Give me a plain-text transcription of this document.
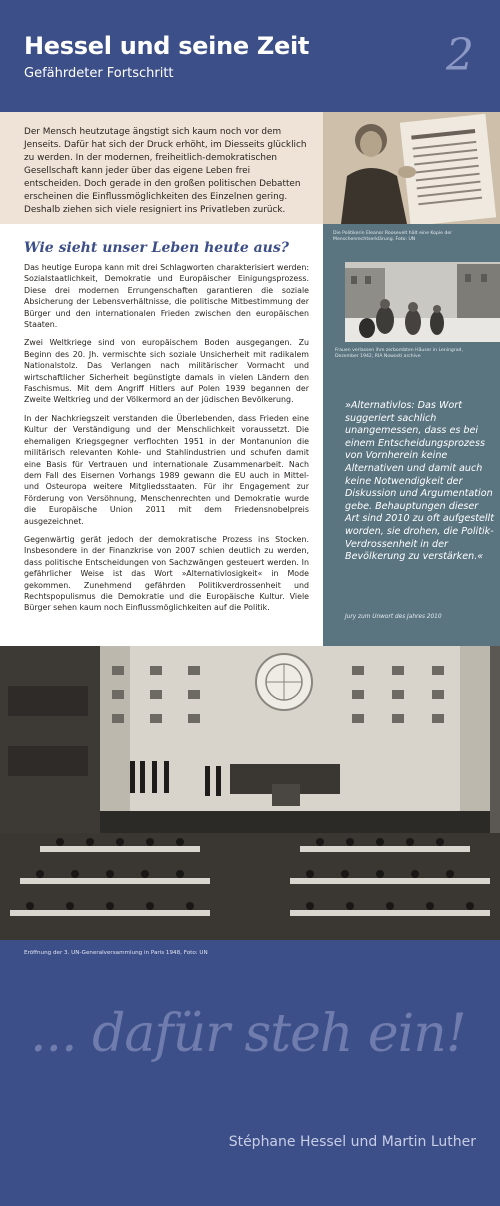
Hessel und seine Zeit
Gefährdeter Fortschritt	2
Der Mensch heutzutage ängstigt sich kaum noch vor dem Jenseits. Dafür hat sich der Druck erhöht, im Diesseits glücklich zu werden. In der modernen, freiheitlich-demokratischen Gesellschaft kann jeder über das eigene Leben frei entscheiden. Doch gerade in den großen politischen Debatten erscheinen die Einflussmöglichkeiten des Einzelnen gering. Deshalb ziehen sich viele resigniert ins Privatleben zurück.
Wie sieht unser Leben heute aus?

Das heutige Europa kann mit drei Schlagworten charakterisiert werden: Sozialstaatlichkeit, Demokratie und Europäischer Einigungsprozess. Diese drei modernen Errungenschaften garantieren die soziale Absicherung der Lebensverhältnisse, die politische Mitbestimmung der Bürger und den internationalen Frieden zwischen den europäischen Staaten.

Zwei Weltkriege sind von europäischem Boden ausgegangen. Zu Beginn des 20. Jh. vermischte sich soziale Unsicherheit mit radikalem Nationalstolz. Das Verlangen nach militärischer Vormacht und wirtschaftlicher Sicherheit begünstigte damals in vielen Ländern den Faschismus. Mit dem Angriff Hitlers auf Polen 1939 begannen der Zweite Weltkrieg und der Völkermord an der jüdischen Bevölkerung.

In der Nachkriegszeit verstanden die Überlebenden, dass Frieden eine Kultur der Verständigung und der Menschlichkeit voraussetzt. Die ehemaligen Kriegsgegner verflochten 1951 in der Montanunion die militärisch relevanten Kohle- und Stahlindustrien und schufen damit eine Basis für Vertrauen und internationale Zusammenarbeit. Nach dem Fall des Eisernen Vorhangs 1989 gewann die EU auch in Mittel- und Osteuropa weitere Mitgliedsstaaten. Für ihr Engagement zur Förderung von Versöhnung, Menschenrechten und Demokratie wurde die Europäische Union 2011 mit dem Friedensnobelpreis ausgezeichnet.

Gegenwärtig gerät jedoch der demokratische Prozess ins Stocken. Insbesondere in der Finanzkrise von 2007 schien deutlich zu werden, dass politische Entscheidungen von Sachzwängen gesteuert werden. In gefährlicher Weise ist das Wort »Alternativlosigkeit« in Mode gekommen. Zunehmend gefährden Politikverdrossenheit und Rechtspopulismus die Demokratie und die Europäische Kultur. Viele Bürger sehen kaum noch Einflussmöglichkeiten auf die Politik.

Die Politikerin Eleanor Roosevelt hält eine Kopie der Menschenrechtserklärung. Foto: UN
Frauen verlassen ihre zerbombten Häuser in Leningrad, Dezember 1942, RIA Nowosti archive
»Alternativlos: Das Wort suggeriert sachlich unangemessen, dass es bei einem Entscheidungsprozess von Vornherein keine Alternativen und damit auch keine Notwendigkeit der Diskussion und Argumentation gebe. Behauptungen dieser Art sind 2010 zu oft aufgestellt worden, sie drohen, die Politik-Verdrossenheit in der Bevölkerung zu verstärken.«
Jury zum Unwort des Jahres 2010
Eröffnung der 3. UN-Generalversammlung in Paris 1948, Foto: UN
... dafür steh ein!
Stéphane Hessel und Martin Luther
